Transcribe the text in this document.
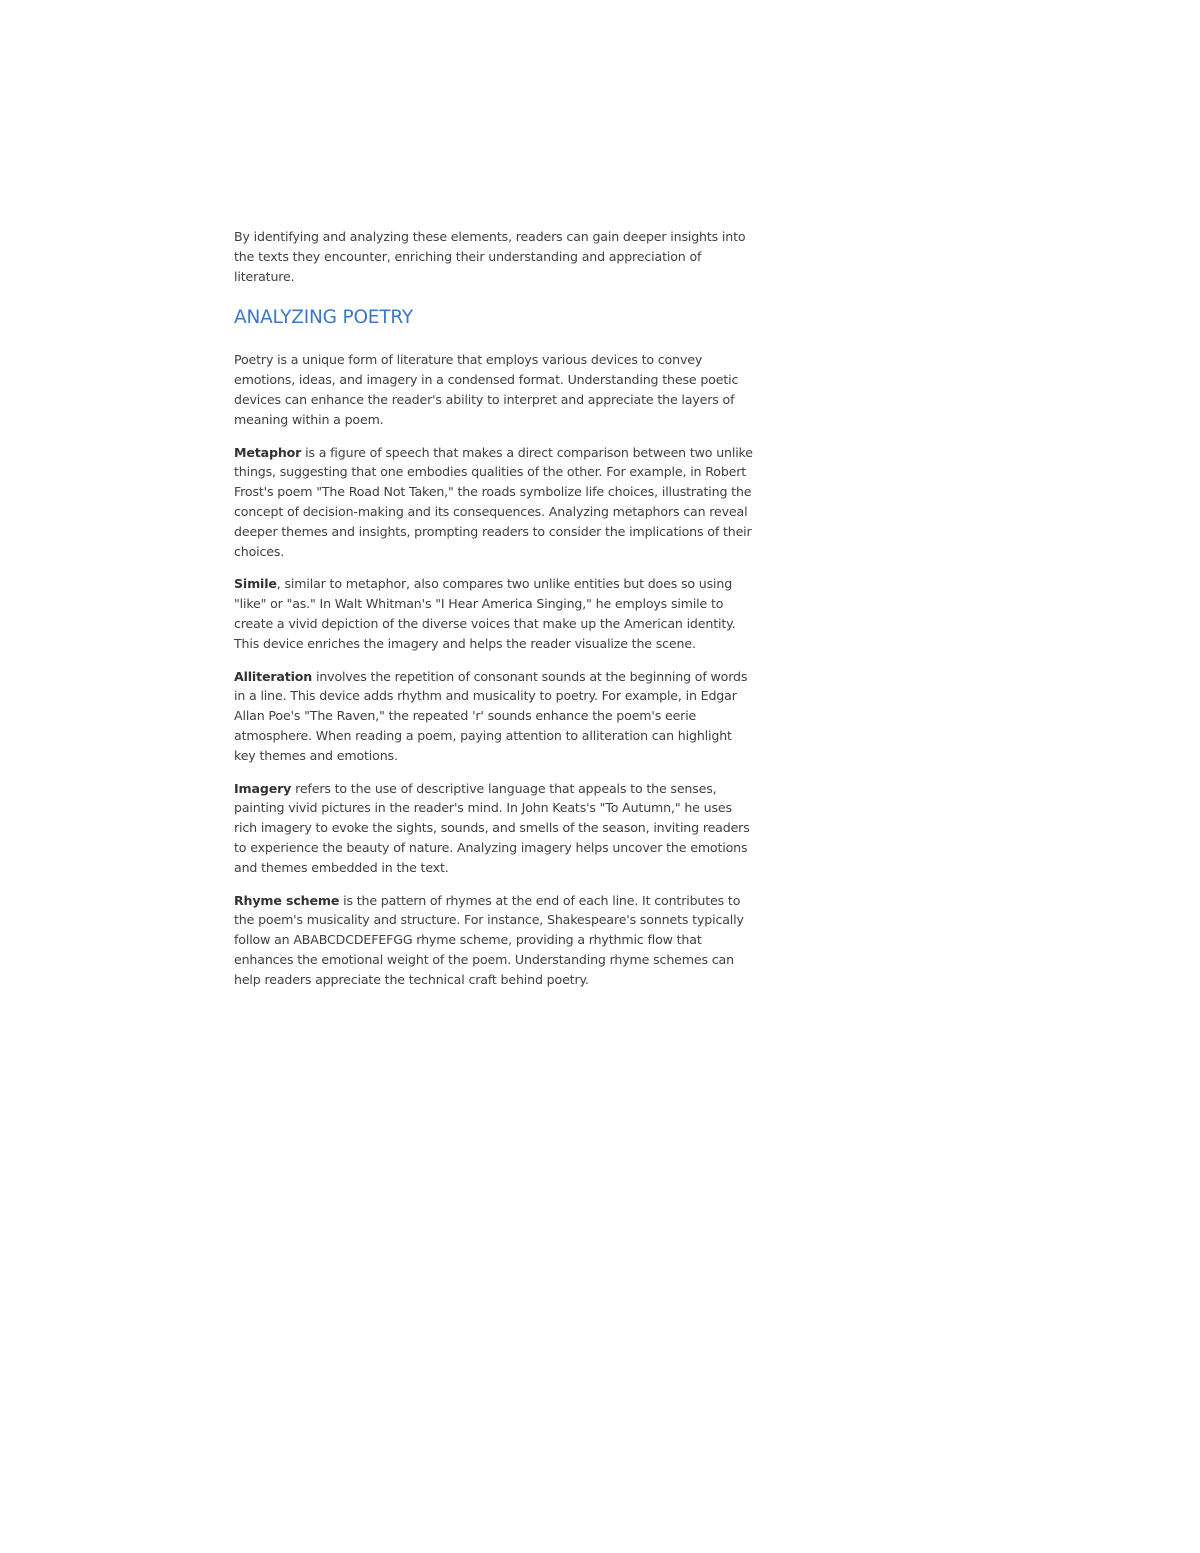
By identifying and analyzing these elements, readers can gain deeper insights into the texts they encounter, enriching their understanding and appreciation of literature.

ANALYZING POETRY

Poetry is a unique form of literature that employs various devices to convey emotions, ideas, and imagery in a condensed format. Understanding these poetic devices can enhance the reader's ability to interpret and appreciate the layers of meaning within a poem.

Metaphor is a figure of speech that makes a direct comparison between two unlike things, suggesting that one embodies qualities of the other. For example, in Robert Frost's poem "The Road Not Taken," the roads symbolize life choices, illustrating the concept of decision-making and its consequences. Analyzing metaphors can reveal deeper themes and insights, prompting readers to consider the implications of their choices.

Simile, similar to metaphor, also compares two unlike entities but does so using "like" or "as." In Walt Whitman's "I Hear America Singing," he employs simile to create a vivid depiction of the diverse voices that make up the American identity. This device enriches the imagery and helps the reader visualize the scene.

Alliteration involves the repetition of consonant sounds at the beginning of words in a line. This device adds rhythm and musicality to poetry. For example, in Edgar Allan Poe's "The Raven," the repeated 'r' sounds enhance the poem's eerie atmosphere. When reading a poem, paying attention to alliteration can highlight key themes and emotions.

Imagery refers to the use of descriptive language that appeals to the senses, painting vivid pictures in the reader's mind. In John Keats's "To Autumn," he uses rich imagery to evoke the sights, sounds, and smells of the season, inviting readers to experience the beauty of nature. Analyzing imagery helps uncover the emotions and themes embedded in the text.

Rhyme scheme is the pattern of rhymes at the end of each line. It contributes to the poem's musicality and structure. For instance, Shakespeare's sonnets typically follow an ABABCDCDEFEFGG rhyme scheme, providing a rhythmic flow that enhances the emotional weight of the poem. Understanding rhyme schemes can help readers appreciate the technical craft behind poetry.
